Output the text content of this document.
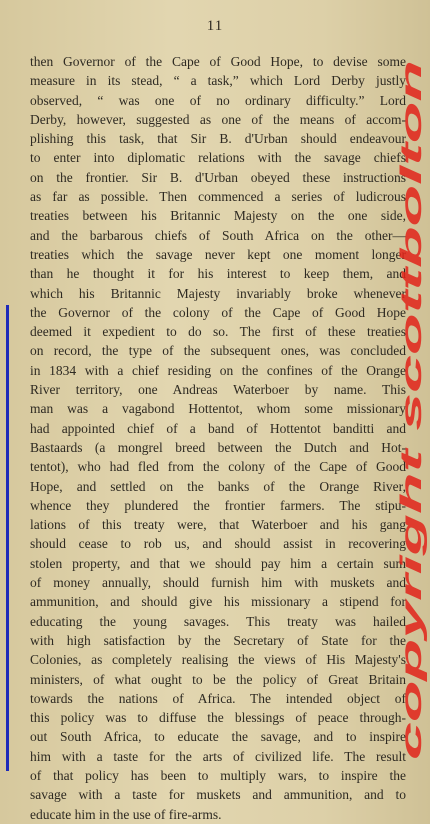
11
then Governor of the Cape of Good Hope, to devise some
measure in its stead, “ a task,” which Lord Derby justly
observed, “ was one of no ordinary difficulty.” Lord
Derby, however, suggested as one of the means of accom-
plishing this task, that Sir B. d'Urban should endeavour
to enter into diplomatic relations with the savage chiefs
on the frontier. Sir B. d'Urban obeyed these instructions
as far as possible. Then commenced a series of ludicrous
treaties between his Britannic Majesty on the one side,
and the barbarous chiefs of South Africa on the other—
treaties which the savage never kept one moment longer
than he thought it for his interest to keep them, and
which his Britannic Majesty invariably broke whenever
the Governor of the colony of the Cape of Good Hope
deemed it expedient to do so. The first of these treaties
on record, the type of the subsequent ones, was concluded
in 1834 with a chief residing on the confines of the Orange
River territory, one Andreas Waterboer by name. This
man was a vagabond Hottentot, whom some missionary
had appointed chief of a band of Hottentot banditti and
Bastaards (a mongrel breed between the Dutch and Hot-
tentot), who had fled from the colony of the Cape of Good
Hope, and settled on the banks of the Orange River,
whence they plundered the frontier farmers. The stipu-
lations of this treaty were, that Waterboer and his gang
should cease to rob us, and should assist in recovering
stolen property, and that we should pay him a certain sum
of money annually, should furnish him with muskets and
ammunition, and should give his missionary a stipend for
educating the young savages. This treaty was hailed
with high satisfaction by the Secretary of State for the
Colonies, as completely realising the views of His Majesty's
ministers, of what ought to be the policy of Great Britain
towards the nations of Africa. The intended object of
this policy was to diffuse the blessings of peace through-
out South Africa, to educate the savage, and to inspire
him with a taste for the arts of civilized life. The result
of that policy has been to multiply wars, to inspire the
savage with a taste for muskets and ammunition, and to
educate him in the use of fire-arms.
copyright scottbolton
